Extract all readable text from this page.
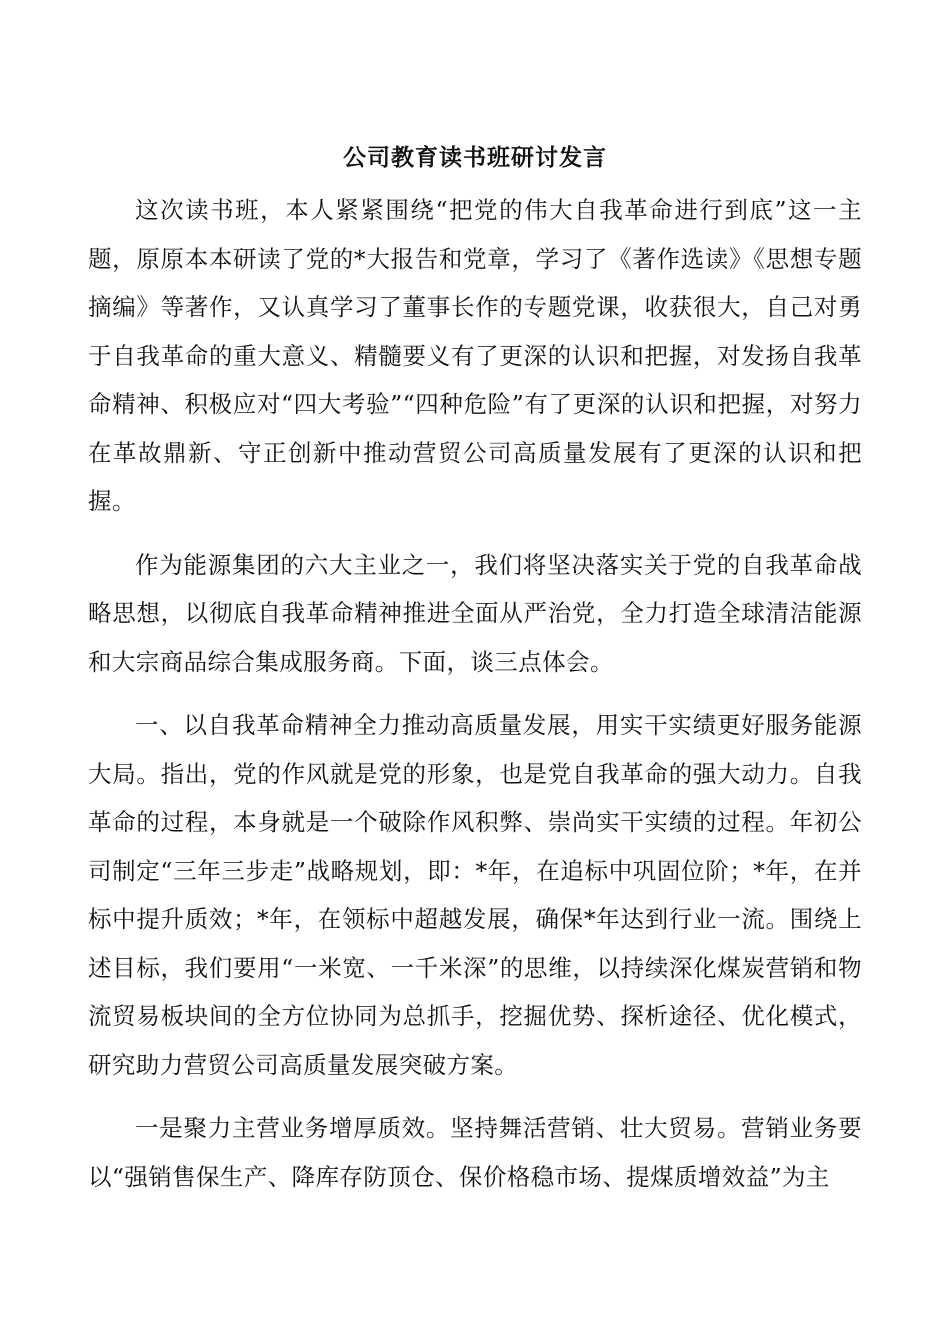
公司教育读书班研讨发言

这次读书班，本人紧紧围绕“把党的伟大自我革命进行到底”这一主题，原原本本研读了党的*大报告和党章，学习了《著作选读》《思想专题摘编》等著作，又认真学习了董事长作的专题党课，收获很大，自己对勇于自我革命的重大意义、精髓要义有了更深的认识和把握，对发扬自我革命精神、积极应对“四大考验”“四种危险”有了更深的认识和把握，对努力在革故鼎新、守正创新中推动营贸公司高质量发展有了更深的认识和把握。

作为能源集团的六大主业之一，我们将坚决落实关于党的自我革命战略思想，以彻底自我革命精神推进全面从严治党，全力打造全球清洁能源和大宗商品综合集成服务商。下面，谈三点体会。

一、以自我革命精神全力推动高质量发展，用实干实绩更好服务能源大局。指出，党的作风就是党的形象，也是党自我革命的强大动力。自我革命的过程，本身就是一个破除作风积弊、崇尚实干实绩的过程。年初公司制定“三年三步走”战略规划，即：*年，在追标中巩固位阶；*年，在并标中提升质效；*年，在领标中超越发展，确保*年达到行业一流。围绕上述目标，我们要用“一米宽、一千米深”的思维，以持续深化煤炭营销和物流贸易板块间的全方位协同为总抓手，挖掘优势、探析途径、优化模式，研究助力营贸公司高质量发展突破方案。

一是聚力主营业务增厚质效。坚持舞活营销、壮大贸易。营销业务要以“强销售保生产、降库存防顶仓、保价格稳市场、提煤质增效益”为主
